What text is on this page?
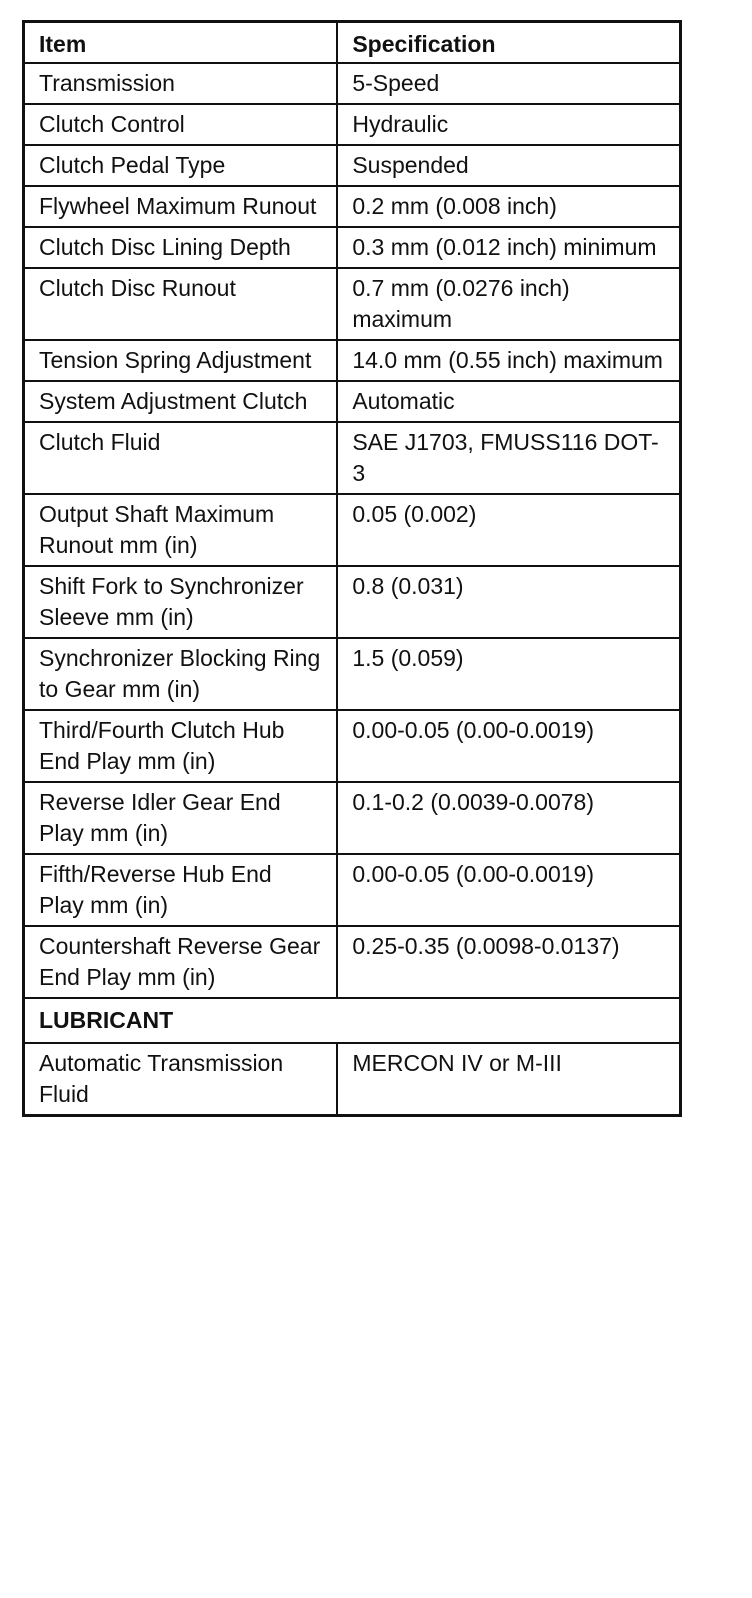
Item	Specification
Transmission	5-Speed
Clutch Control	Hydraulic
Clutch Pedal Type	Suspended
Flywheel Maximum Runout	0.2 mm (0.008 inch)
Clutch Disc Lining Depth	0.3 mm (0.012 inch) minimum
Clutch Disc Runout	0.7 mm (0.0276 inch) maximum
Tension Spring Adjustment	14.0 mm (0.55 inch) maximum
System Adjustment Clutch	Automatic
Clutch Fluid	SAE J1703, FMUSS116 DOT-3
Output Shaft Maximum Runout mm (in)	0.05 (0.002)
Shift Fork to Synchronizer Sleeve mm (in)	0.8 (0.031)
Synchronizer Blocking Ring to Gear mm (in)	1.5 (0.059)
Third/Fourth Clutch Hub End Play mm (in)	0.00-0.05 (0.00-0.0019)
Reverse Idler Gear End Play mm (in)	0.1-0.2 (0.0039-0.0078)
Fifth/Reverse Hub End Play mm (in)	0.00-0.05 (0.00-0.0019)
Countershaft Reverse Gear End Play mm (in)	0.25-0.35 (0.0098-0.0137)
LUBRICANT	
Automatic Transmission Fluid	MERCON IV or M-III
